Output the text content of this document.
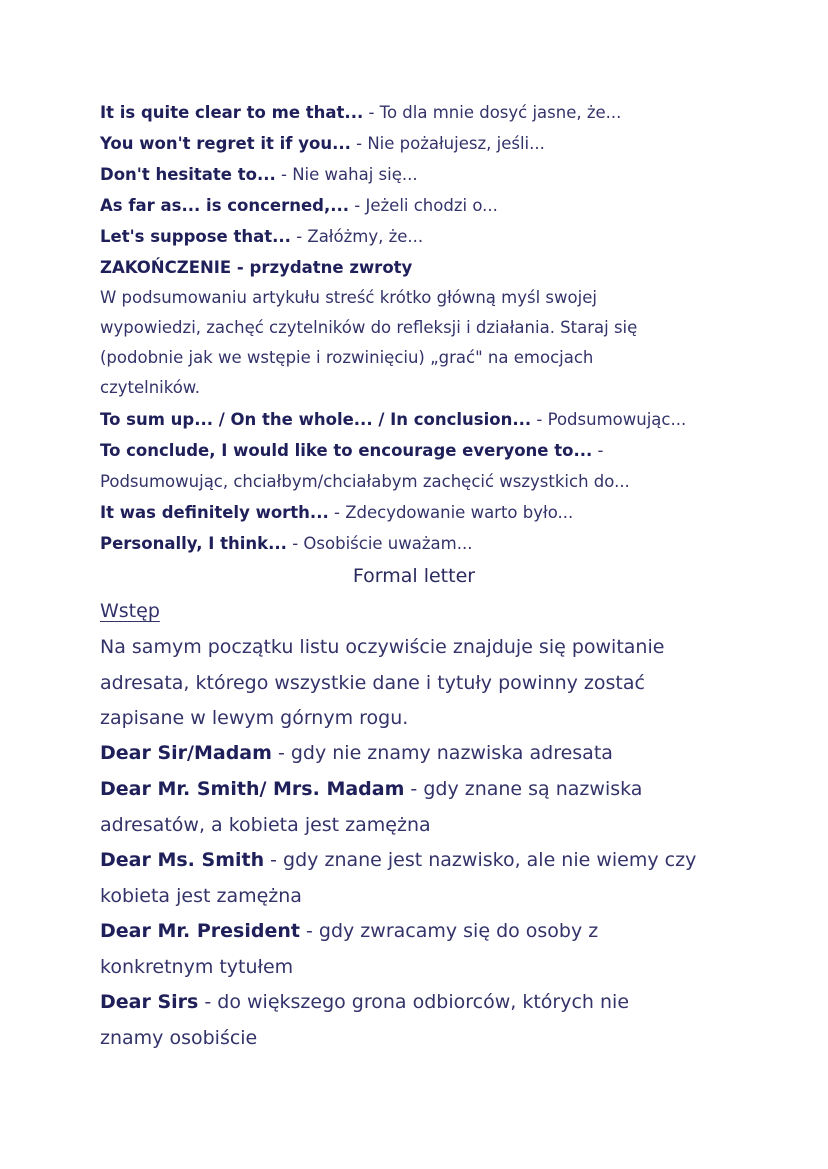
It is quite clear to me that... - To dla mnie dosyć jasne, że...
You won't regret it if you... - Nie pożałujesz, jeśli...
Don't hesitate to... - Nie wahaj się...
As far as... is concerned,... - Jeżeli chodzi o...
Let's suppose that... - Załóżmy, że...
ZAKOŃCZENIE - przydatne zwroty
W podsumowaniu artykułu streść krótko główną myśl swojej
wypowiedzi, zachęć czytelników do refleksji i działania. Staraj się
(podobnie jak we wstępie i rozwinięciu) „grać" na emocjach
czytelników.
To sum up... / On the whole... / In conclusion... - Podsumowując...
To conclude, I would like to encourage everyone to... -
Podsumowując, chciałbym/chciałabym zachęcić wszystkich do...
It was definitely worth... - Zdecydowanie warto było...
Personally, I think... - Osobiście uważam...
Formal letter
Wstęp
Na samym początku listu oczywiście znajduje się powitanie
adresata, którego wszystkie dane i tytuły powinny zostać
zapisane w lewym górnym rogu.
Dear Sir/Madam - gdy nie znamy nazwiska adresata
Dear Mr. Smith/ Mrs. Madam - gdy znane są nazwiska
adresatów, a kobieta jest zamężna
Dear Ms. Smith - gdy znane jest nazwisko, ale nie wiemy czy
kobieta jest zamężna
Dear Mr. President - gdy zwracamy się do osoby z
konkretnym tytułem
Dear Sirs - do większego grona odbiorców, których nie
znamy osobiście
